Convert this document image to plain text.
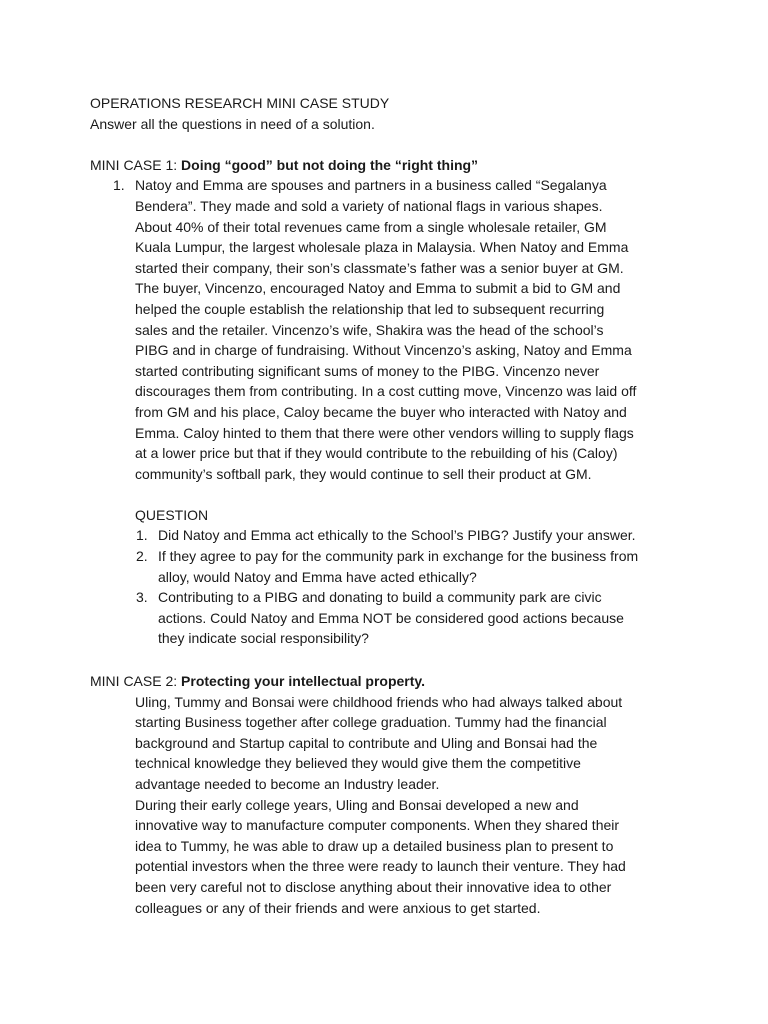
OPERATIONS RESEARCH MINI CASE STUDY
Answer all the questions in need of a solution.
MINI CASE 1: Doing “good” but not doing the “right thing”
1. Natoy and Emma are spouses and partners in a business called “Segalanya
Bendera”. They made and sold a variety of national flags in various shapes.
About 40% of their total revenues came from a single wholesale retailer, GM
Kuala Lumpur, the largest wholesale plaza in Malaysia. When Natoy and Emma
started their company, their son’s classmate’s father was a senior buyer at GM.
The buyer, Vincenzo, encouraged Natoy and Emma to submit a bid to GM and
helped the couple establish the relationship that led to subsequent recurring
sales and the retailer. Vincenzo’s wife, Shakira was the head of the school’s
PIBG and in charge of fundraising. Without Vincenzo’s asking, Natoy and Emma
started contributing significant sums of money to the PIBG. Vincenzo never
discourages them from contributing. In a cost cutting move, Vincenzo was laid off
from GM and his place, Caloy became the buyer who interacted with Natoy and
Emma. Caloy hinted to them that there were other vendors willing to supply flags
at a lower price but that if they would contribute to the rebuilding of his (Caloy)
community’s softball park, they would continue to sell their product at GM.
QUESTION
1. Did Natoy and Emma act ethically to the School’s PIBG? Justify your answer.
2. If they agree to pay for the community park in exchange for the business from
alloy, would Natoy and Emma have acted ethically?
3. Contributing to a PIBG and donating to build a community park are civic
actions. Could Natoy and Emma NOT be considered good actions because
they indicate social responsibility?
MINI CASE 2: Protecting your intellectual property.
Uling, Tummy and Bonsai were childhood friends who had always talked about
starting Business together after college graduation. Tummy had the financial
background and Startup capital to contribute and Uling and Bonsai had the
technical knowledge they believed they would give them the competitive
advantage needed to become an Industry leader.
During their early college years, Uling and Bonsai developed a new and
innovative way to manufacture computer components. When they shared their
idea to Tummy, he was able to draw up a detailed business plan to present to
potential investors when the three were ready to launch their venture. They had
been very careful not to disclose anything about their innovative idea to other
colleagues or any of their friends and were anxious to get started.
